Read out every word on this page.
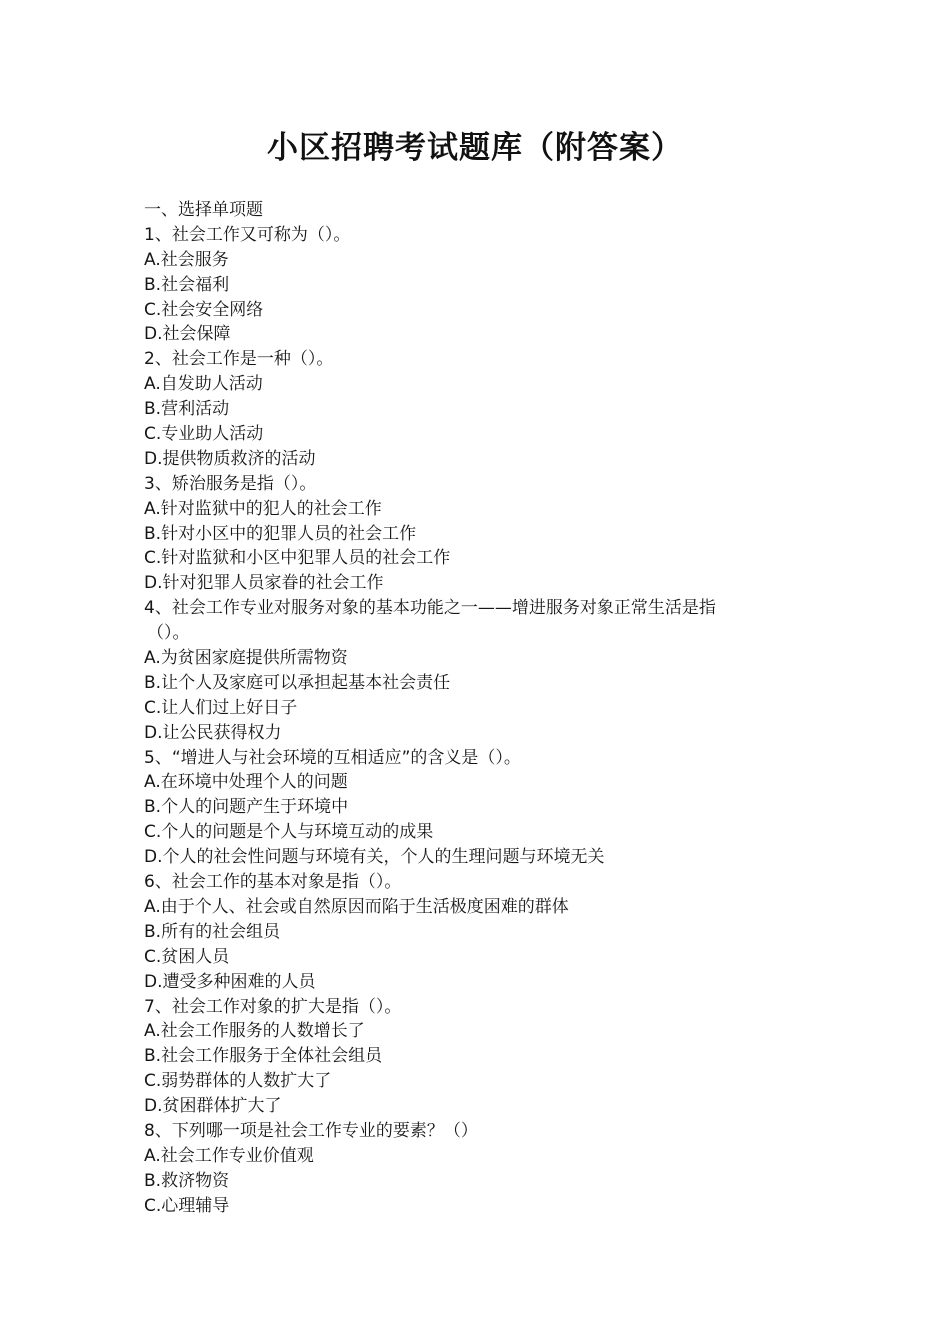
小区招聘考试题库（附答案）
一、选择单项题
1、社会工作又可称为（）。
A.社会服务
B.社会福利
C.社会安全网络
D.社会保障
2、社会工作是一种（）。
A.自发助人活动
B.营利活动
C.专业助人活动
D.提供物质救济的活动
3、矫治服务是指（）。
A.针对监狱中的犯人的社会工作
B.针对小区中的犯罪人员的社会工作
C.针对监狱和小区中犯罪人员的社会工作
D.针对犯罪人员家眷的社会工作
4、社会工作专业对服务对象的基本功能之一——增进服务对象正常生活是指
（）。
A.为贫困家庭提供所需物资
B.让个人及家庭可以承担起基本社会责任
C.让人们过上好日子
D.让公民获得权力
5、“增进人与社会环境的互相适应”的含义是（）。
A.在环境中处理个人的问题
B.个人的问题产生于环境中
C.个人的问题是个人与环境互动的成果
D.个人的社会性问题与环境有关，个人的生理问题与环境无关
6、社会工作的基本对象是指（）。
A.由于个人、社会或自然原因而陷于生活极度困难的群体
B.所有的社会组员
C.贫困人员
D.遭受多种困难的人员
7、社会工作对象的扩大是指（）。
A.社会工作服务的人数增长了
B.社会工作服务于全体社会组员
C.弱势群体的人数扩大了
D.贫困群体扩大了
8、下列哪一项是社会工作专业的要素？（）
A.社会工作专业价值观
B.救济物资
C.心理辅导
